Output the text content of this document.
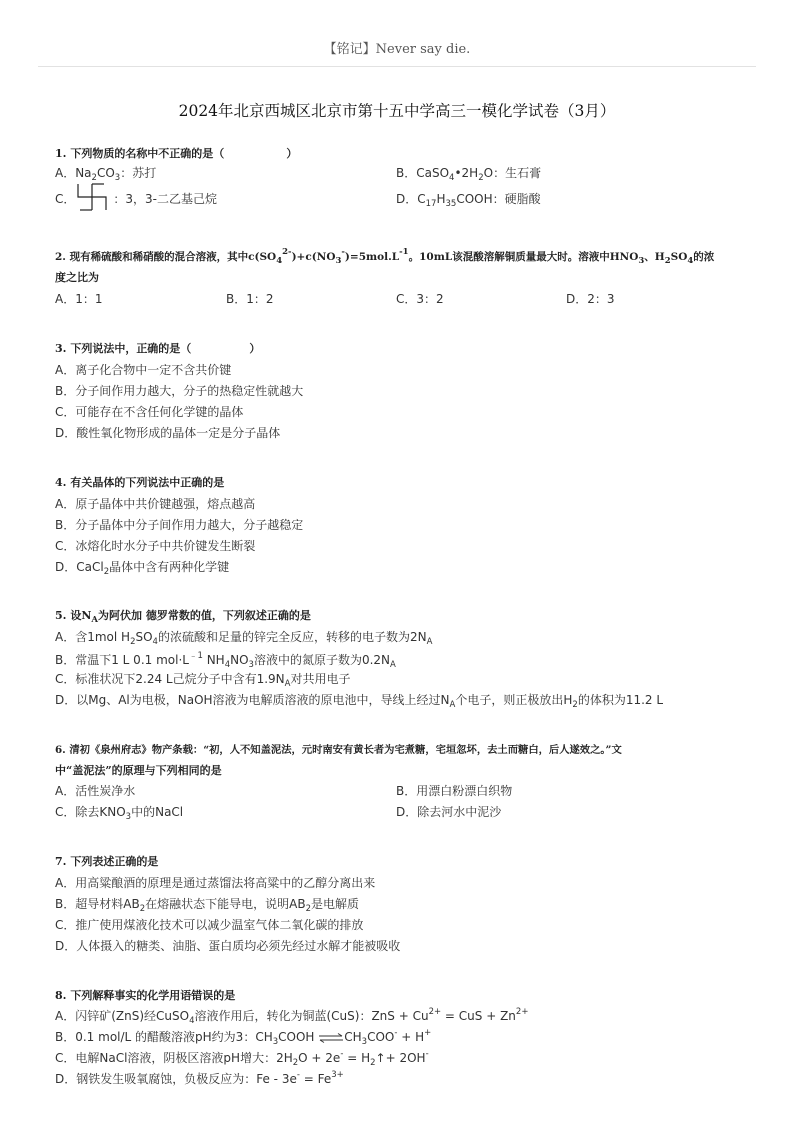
【铭记】Never say die.
2024年北京西城区北京市第十五中学高三一模化学试卷（3月）
1. 下列物质的名称中不正确的是（	）
A．$Na_2CO_3$：苏打	B．$CaSO_4•2H_2O$：生石膏
C．	：3，3-二乙基己烷	D．$C_{17}H_{35}COOH$：硬脂酸
2. 现有稀硫酸和稀硝酸的混合溶液，其中$c(SO_4^{2-})+c(NO_3^-)=5mol.L^{-1}$。10mL该混酸溶解铜质量最大时。溶液中$HNO_3$、$H_2SO_4$的浓
度之比为
A．1：1	B．1：2	C．3：2	D．2：3
3. 下列说法中，正确的是（	）
A．离子化合物中一定不含共价键
B．分子间作用力越大，分子的热稳定性就越大
C．可能存在不含任何化学键的晶体
D．酸性氧化物形成的晶体一定是分子晶体
4. 有关晶体的下列说法中正确的是
A．原子晶体中共价键越强，熔点越高
B．分子晶体中分子间作用力越大，分子越稳定
C．冰熔化时水分子中共价键发生断裂
D．CaCl$_2$晶体中含有两种化学键
5. 设$N_A$为阿伏加 德罗常数的值，下列叙述正确的是
A．含1mol $H_2SO_4$的浓硫酸和足量的锌完全反应，转移的电子数为$2N_A$
B．常温下1 L 0.1 $mol\cdot L^{﹣1}$ $NH_4NO_3$溶液中的氮原子数为$0.2N_A$
C．标准状况下2.24 L己烷分子中含有$1.9N_A$对共用电子
D．以Mg、Al为电极，NaOH溶液为电解质溶液的原电池中，导线上经过$N_A$个电子，则正极放出$H_2$的体积为11.2 L
6. 清初《泉州府志》物产条载：“初，人不知盖泥法，元时南安有黄长者为宅煮糖，宅垣忽坏，去土而糖白，后人遂效之。”文
中“盖泥法”的原理与下列相同的是
A．活性炭净水	B．用漂白粉漂白织物
C．除去$KNO_3$中的NaCl	D．除去河水中泥沙
7. 下列表述正确的是
A．用高粱酿酒的原理是通过蒸馏法将高粱中的乙醇分离出来
B．超导材料$AB_2$在熔融状态下能导电，说明$AB_2$是电解质
C．推广使用煤液化技术可以减少温室气体二氧化碳的排放
D．人体摄入的糖类、油脂、蛋白质均必须先经过水解才能被吸收
8. 下列解释事实的化学用语错误的是
A．闪锌矿(ZnS)经CuSO$_4$溶液作用后，转化为铜蓝(CuS)：ZnS + $Cu^{2+}$ = CuS + $Zn^{2+}$
B．0.1 mol/L 的醋酸溶液pH约为3：$CH_3COOH$ $\rightleftharpoons CH_3COO^- + H^+$
C．电解NaCl溶液，阴极区溶液pH增大：$2H_2O + 2e^-$ = $H_2↑+ 2OH^-$
D．钢铁发生吸氧腐蚀，负极反应为：$Fe - 3e^- = Fe^{3+}$
